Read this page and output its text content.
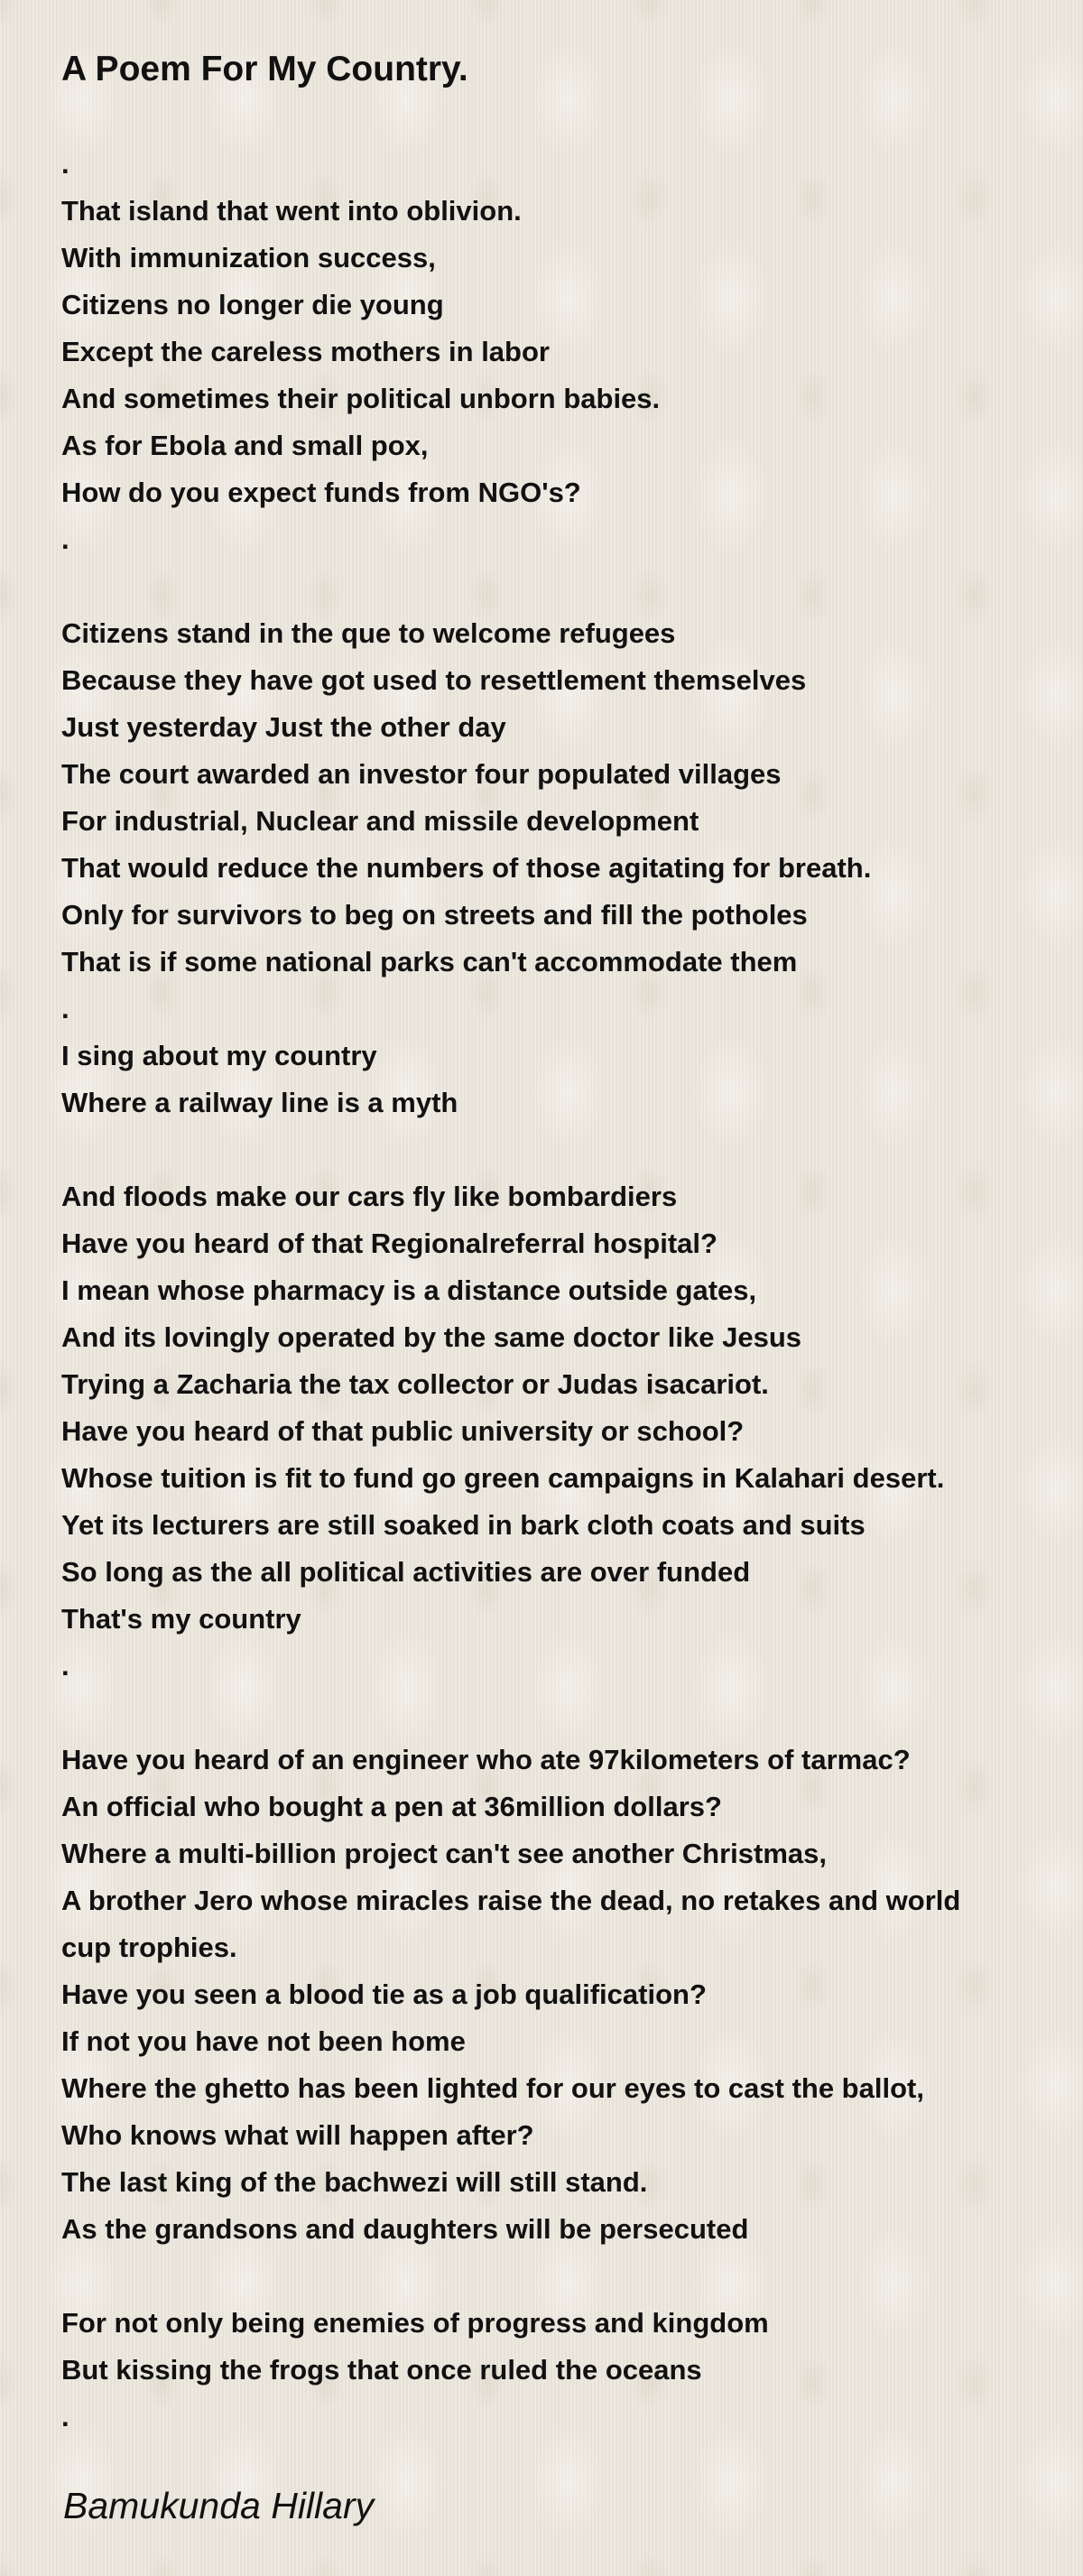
A Poem For My Country.
.
That island that went into oblivion.
With immunization success,
Citizens no longer die young
Except the careless mothers in labor
And sometimes their political unborn babies.
As for Ebola and small pox,
How do you expect funds from NGO's?
.
Citizens stand in the que to welcome refugees
Because they have got used to resettlement themselves
Just yesterday Just the other day
The court awarded an investor four populated villages
For industrial, Nuclear and missile development
That would reduce the numbers of those agitating for breath.
Only for survivors to beg on streets and fill the potholes
That is if some national parks can't accommodate them
.
I sing about my country
Where a railway line is a myth
And floods make our cars fly like bombardiers
Have you heard of that Regionalreferral hospital?
I mean whose pharmacy is a distance outside gates,
And its lovingly operated by the same doctor like Jesus
Trying a Zacharia the tax collector or Judas isacariot.
Have you heard of that public university or school?
Whose tuition is fit to fund go green campaigns in Kalahari desert.
Yet its lecturers are still soaked in bark cloth coats and suits
So long as the all political activities are over funded
That's my country
.
Have you heard of an engineer who ate 97kilometers of tarmac?
An official who bought a pen at 36million dollars?
Where a multi-billion project can't see another Christmas,
A brother Jero whose miracles raise the dead, no retakes and world
cup trophies.
Have you seen a blood tie as a job qualification?
If not you have not been home
Where the ghetto has been lighted for our eyes to cast the ballot,
Who knows what will happen after?
The last king of the bachwezi will still stand.
As the grandsons and daughters will be persecuted
For not only being enemies of progress and kingdom
But kissing the frogs that once ruled the oceans
.
Bamukunda Hillary
